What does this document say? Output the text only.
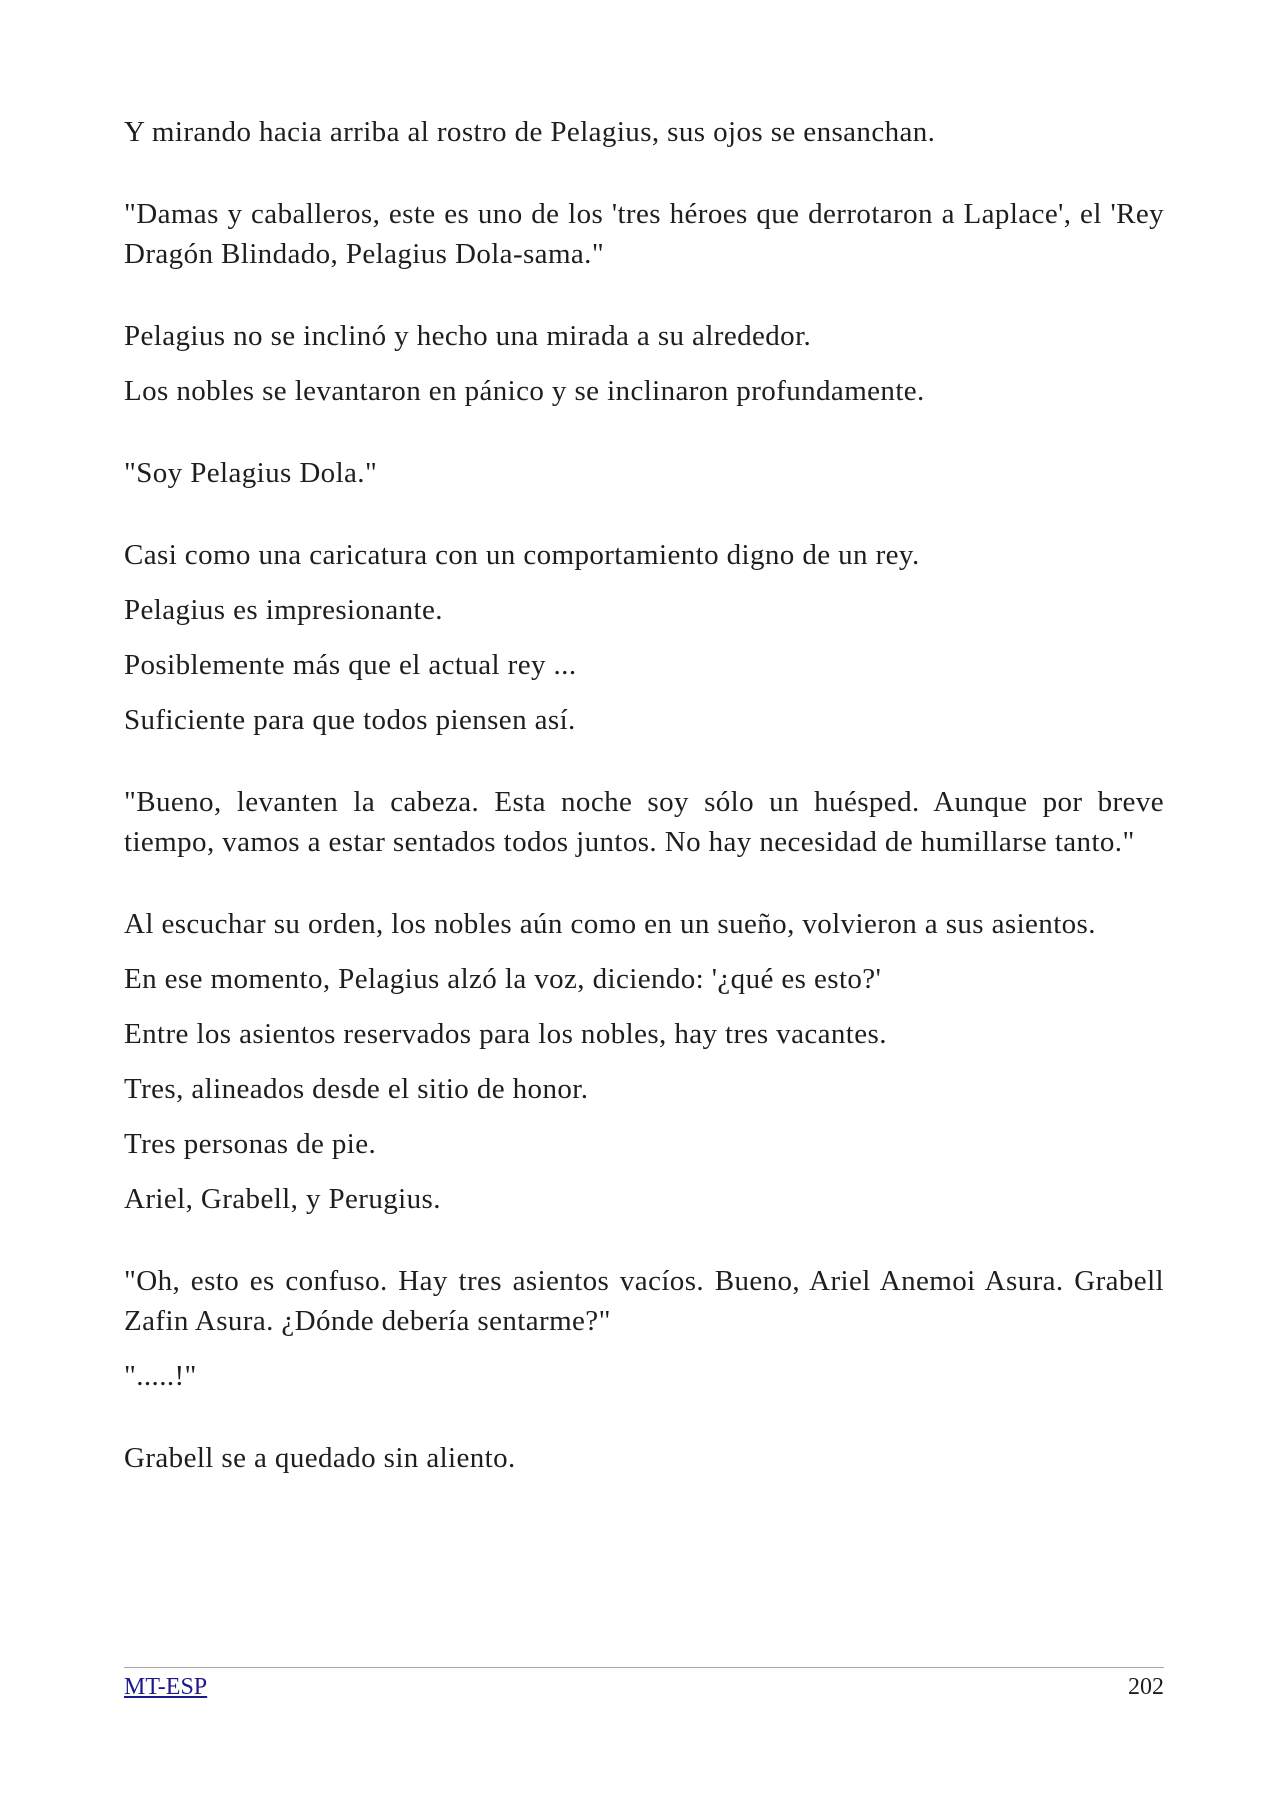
Y mirando hacia arriba al rostro de Pelagius, sus ojos se ensanchan.

"Damas y caballeros, este es uno de los 'tres héroes que derrotaron a Laplace', el 'Rey Dragón Blindado, Pelagius Dola-sama."

Pelagius no se inclinó y hecho una mirada a su alrededor.

Los nobles se levantaron en pánico y se inclinaron profundamente.

"Soy Pelagius Dola."

Casi como una caricatura con un comportamiento digno de un rey.

Pelagius es impresionante.

Posiblemente más que el actual rey ...

Suficiente para que todos piensen así.

"Bueno, levanten la cabeza. Esta noche soy sólo un huésped. Aunque por breve tiempo, vamos a estar sentados todos juntos. No hay necesidad de humillarse tanto."

Al escuchar su orden, los nobles aún como en un sueño, volvieron a sus asientos.

En ese momento, Pelagius alzó la voz, diciendo: '¿qué es esto?'

Entre los asientos reservados para los nobles, hay tres vacantes.

Tres, alineados desde el sitio de honor.

Tres personas de pie.

Ariel, Grabell, y Perugius.

"Oh, esto es confuso. Hay tres asientos vacíos. Bueno, Ariel Anemoi Asura. Grabell Zafin Asura. ¿Dónde debería sentarme?"

".....!"

Grabell se a quedado sin aliento.

MT-ESP	202
